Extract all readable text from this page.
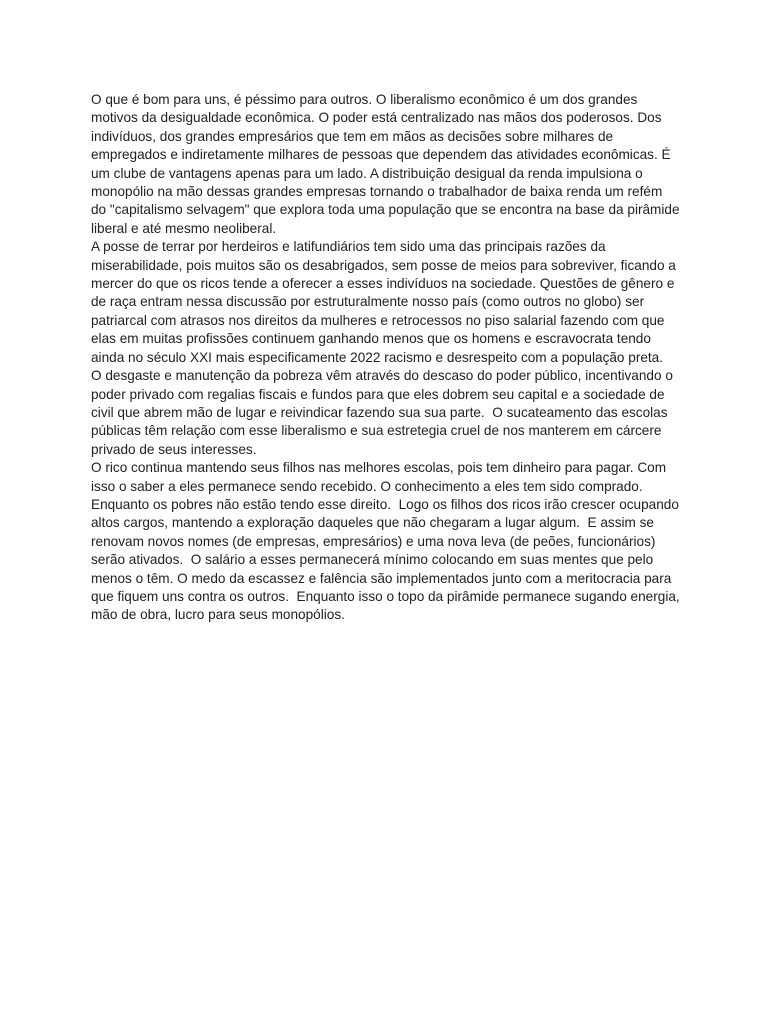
O que é bom para uns, é péssimo para outros. O liberalismo econômico é um dos grandes motivos da desigualdade econômica. O poder está centralizado nas mãos dos poderosos. Dos indivíduos, dos grandes empresários que tem em mãos as decisões sobre milhares de empregados e indiretamente milhares de pessoas que dependem das atividades econômicas. É um clube de vantagens apenas para um lado. A distribuição desigual da renda impulsiona o monopólio na mão dessas grandes empresas tornando o trabalhador de baixa renda um refém do "capitalismo selvagem" que explora toda uma população que se encontra na base da pirâmide liberal e até mesmo neoliberal.

A posse de terrar por herdeiros e latifundiários tem sido uma das principais razões da miserabilidade, pois muitos são os desabrigados, sem posse de meios para sobreviver, ficando a mercer do que os ricos tende a oferecer a esses indivíduos na sociedade. Questões de gênero e de raça entram nessa discussão por estruturalmente nosso país (como outros no globo) ser patriarcal com atrasos nos direitos da mulheres e retrocessos no piso salarial fazendo com que elas em muitas profissões continuem ganhando menos que os homens e escravocrata tendo ainda no século XXI mais especificamente 2022 racismo e desrespeito com a população preta.

O desgaste e manutenção da pobreza vêm através do descaso do poder público, incentivando o poder privado com regalias fiscais e fundos para que eles dobrem seu capital e a sociedade de civil que abrem mão de lugar e reivindicar fazendo sua sua parte.  O sucateamento das escolas públicas têm relação com esse liberalismo e sua estretegia cruel de nos manterem em cárcere privado de seus interesses.

O rico continua mantendo seus filhos nas melhores escolas, pois tem dinheiro para pagar. Com isso o saber a eles permanece sendo recebido. O conhecimento a eles tem sido comprado. Enquanto os pobres não estão tendo esse direito.  Logo os filhos dos ricos irão crescer ocupando altos cargos, mantendo a exploração daqueles que não chegaram a lugar algum.  E assim se renovam novos nomes (de empresas, empresários) e uma nova leva (de peões, funcionários) serão ativados.  O salário a esses permanecerá mínimo colocando em suas mentes que pelo menos o têm. O medo da escassez e falência são implementados junto com a meritocracia para que fiquem uns contra os outros.  Enquanto isso o topo da pirâmide permanece sugando energia, mão de obra, lucro para seus monopólios.
